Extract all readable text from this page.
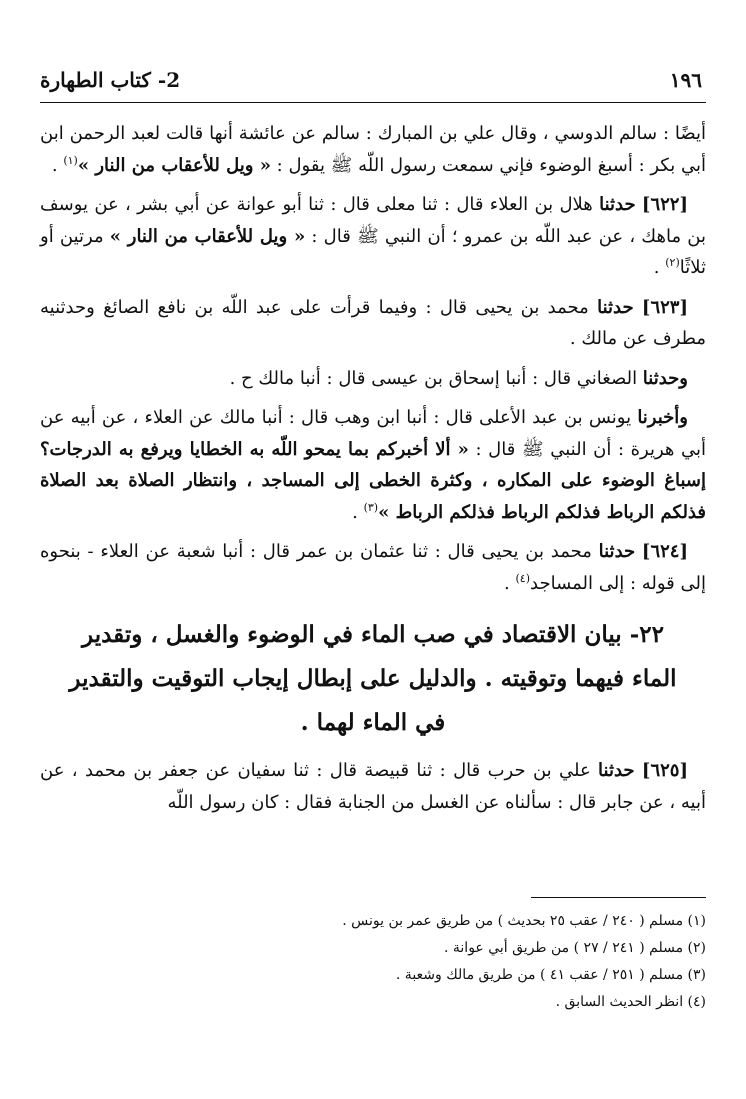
١٩٦
2- كتاب الطهارة

أيضًا : سالم الدوسي ، وقال علي بن المبارك : سالم عن عائشة أنها قالت لعبد الرحمن ابن أبي بكر : أسبغ الوضوء فإني سمعت رسول اللّه ﷺ يقول : « ويل للأعقاب من النار »$^{(١)}$ .

[٦٢٢] حدثنا هلال بن العلاء قال : ثنا معلى قال : ثنا أبو عوانة عن أبي بشر ، عن يوسف بن ماهك ، عن عبد اللّه بن عمرو ؛ أن النبي ﷺ قال : « ويل للأعقاب من النار » مرتين أو ثلاثًا$^{(٢)}$ .

[٦٢٣] حدثنا محمد بن يحيى قال : وفيما قرأت على عبد اللّه بن نافع الصائغ وحدثنيه مطرف عن مالك .

وحدثنا الصغاني قال : أنبا إسحاق بن عيسى قال : أنبا مالك ح .

وأخبرنا يونس بن عبد الأعلى قال : أنبا ابن وهب قال : أنبا مالك عن العلاء ، عن أبيه عن أبي هريرة : أن النبي ﷺ قال : « ألا أخبركم بما يمحو اللّه به الخطايا ويرفع به الدرجات؟ إسباغ الوضوء على المكاره ، وكثرة الخطى إلى المساجد ، وانتظار الصلاة بعد الصلاة فذلكم الرباط فذلكم الرباط فذلكم الرباط »$^{(٣)}$ .

[٦٢٤] حدثنا محمد بن يحيى قال : ثنا عثمان بن عمر قال : أنبا شعبة عن العلاء - بنحوه إلى قوله : إلى المساجد$^{(٤)}$ .

٢٢- بيان الاقتصاد في صب الماء في الوضوء والغسل ، وتقدير الماء فيهما وتوقيته . والدليل على إبطال إيجاب التوقيت والتقدير في الماء لهما .

[٦٢٥] حدثنا علي بن حرب قال : ثنا قبيصة قال : ثنا سفيان عن جعفر بن محمد ، عن أبيه ، عن جابر قال : سألناه عن الغسل من الجنابة فقال : كان رسول اللّه

(١) مسلم ( ٢٤٠ / عقب ٢٥ بحديث ) من طريق عمر بن يونس .

(٢) مسلم ( ٢٤١ / ٢٧ ) من طريق أبي عوانة .

(٣) مسلم ( ٢٥١ / عقب ٤١ ) من طريق مالك وشعبة .

(٤) انظر الحديث السابق .
